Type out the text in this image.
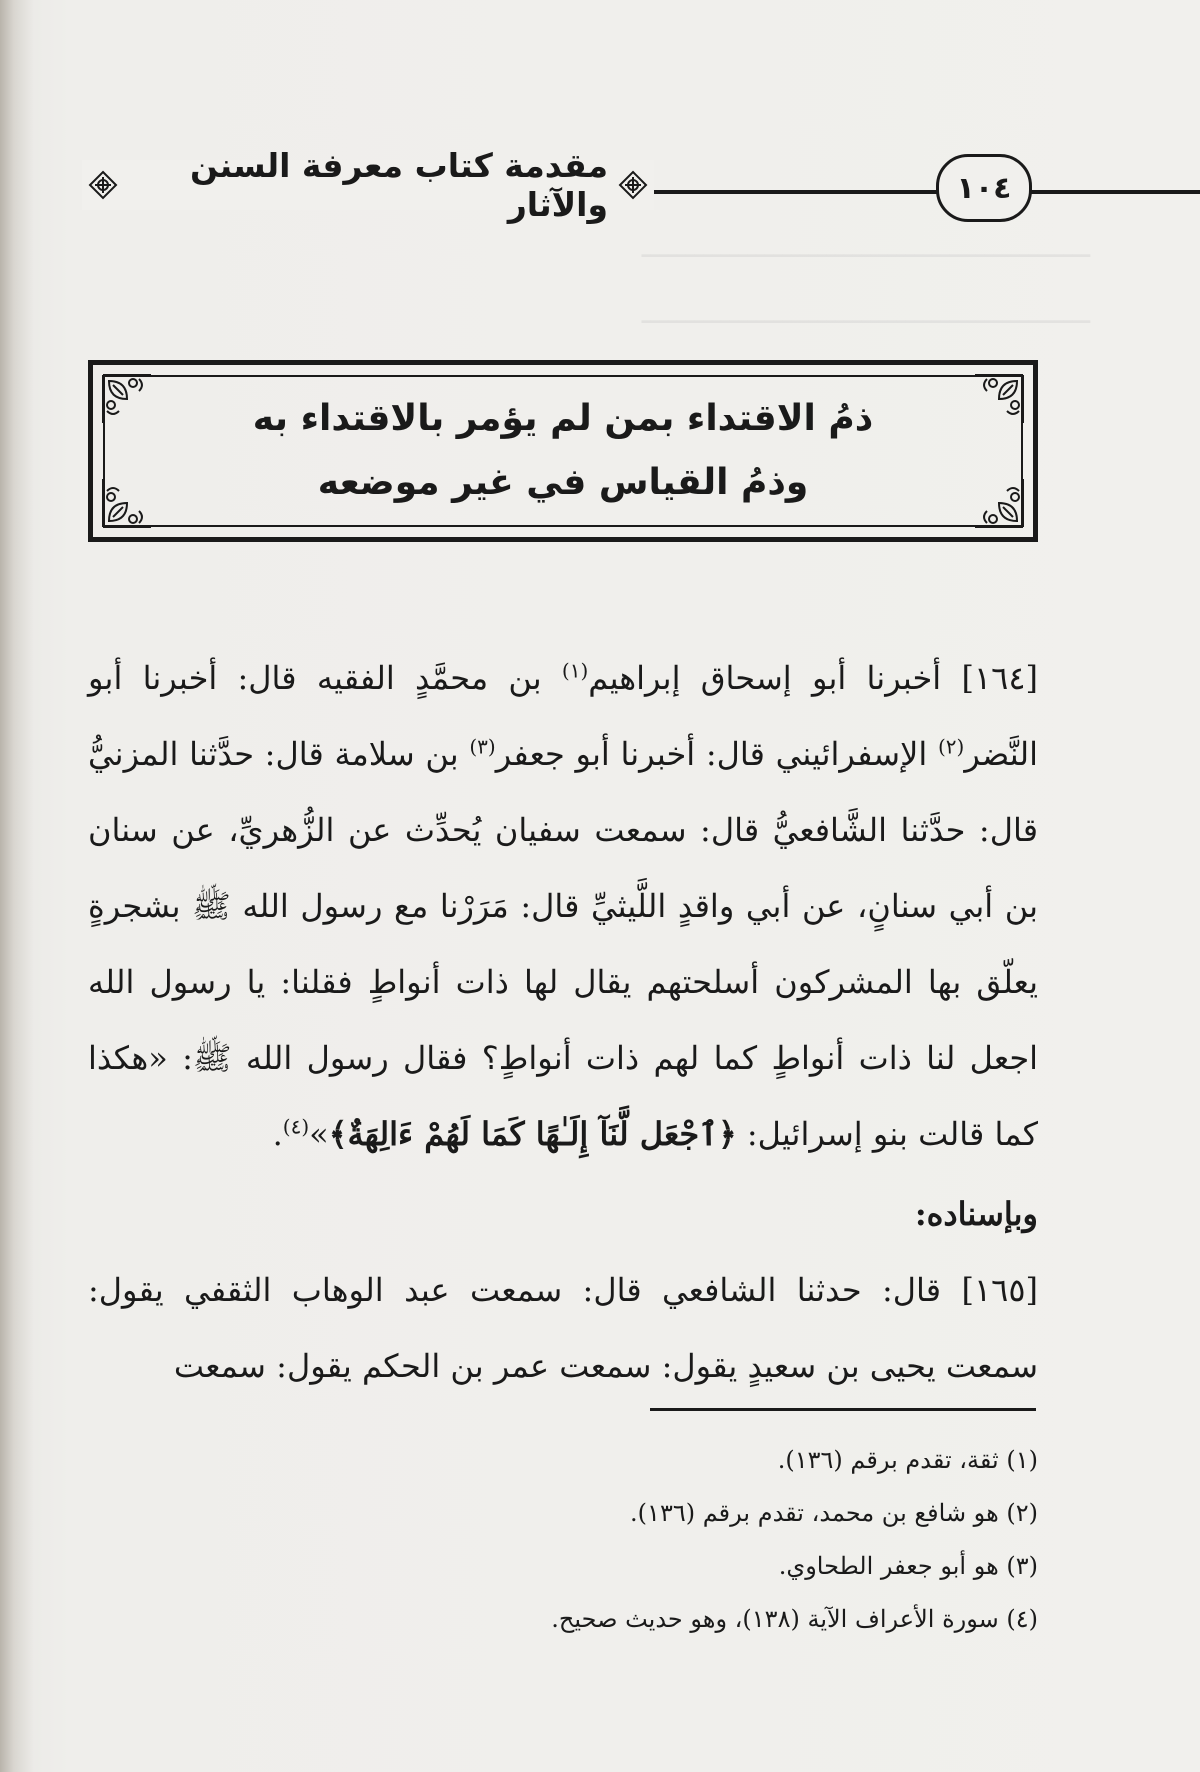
ـــــــــــــــــــــــــــــــــــــــــــــــــــ
ـــــــــــــــــــــــــــــــــــــــــــــــــــ
١٠٤
مقدمة كتاب معرفة السنن والآثار
ذمُ الاقتداء بمن لم يؤمر بالاقتداء به
وذمُ القياس في غير موضعه

[١٦٤] أخبرنا أبو إسحاق إبراهيم$^{(١)}$ بن محمَّدٍ الفقيه قال: أخبرنا أبو النَّضر$^{(٢)}$ الإسفرائيني قال: أخبرنا أبو جعفر$^{(٣)}$ بن سلامة قال: حدَّثنا المزنيُّ قال: حدَّثنا الشَّافعيُّ قال: سمعت سفيان يُحدِّث عن الزُّهريِّ، عن سنان بن أبي سنانٍ، عن أبي واقدٍ اللَّيثيِّ قال: مَرَرْنا مع رسول الله ﷺ بشجرةٍ يعلّق بها المشركون أسلحتهم يقال لها ذات أنواطٍ فقلنا: يا رسول الله اجعل لنا ذات أنواطٍ كما لهم ذات أنواطٍ؟ فقال رسول الله ﷺ: «هكذا كما قالت بنو إسرائيل: ﴿ٱجْعَل لَّنَآ إِلَـٰهًا كَمَا لَهُمْ ءَالِهَةٌ﴾»$^{(٤)}$.

وبإسناده:

[١٦٥] قال: حدثنا الشافعي قال: سمعت عبد الوهاب الثقفي يقول: سمعت يحيى بن سعيدٍ يقول: سمعت عمر بن الحكم يقول: سمعت

(١) ثقة، تقدم برقم (١٣٦).
(٢) هو شافع بن محمد، تقدم برقم (١٣٦).
(٣) هو أبو جعفر الطحاوي.
(٤) سورة الأعراف الآية (١٣٨)، وهو حديث صحيح.
